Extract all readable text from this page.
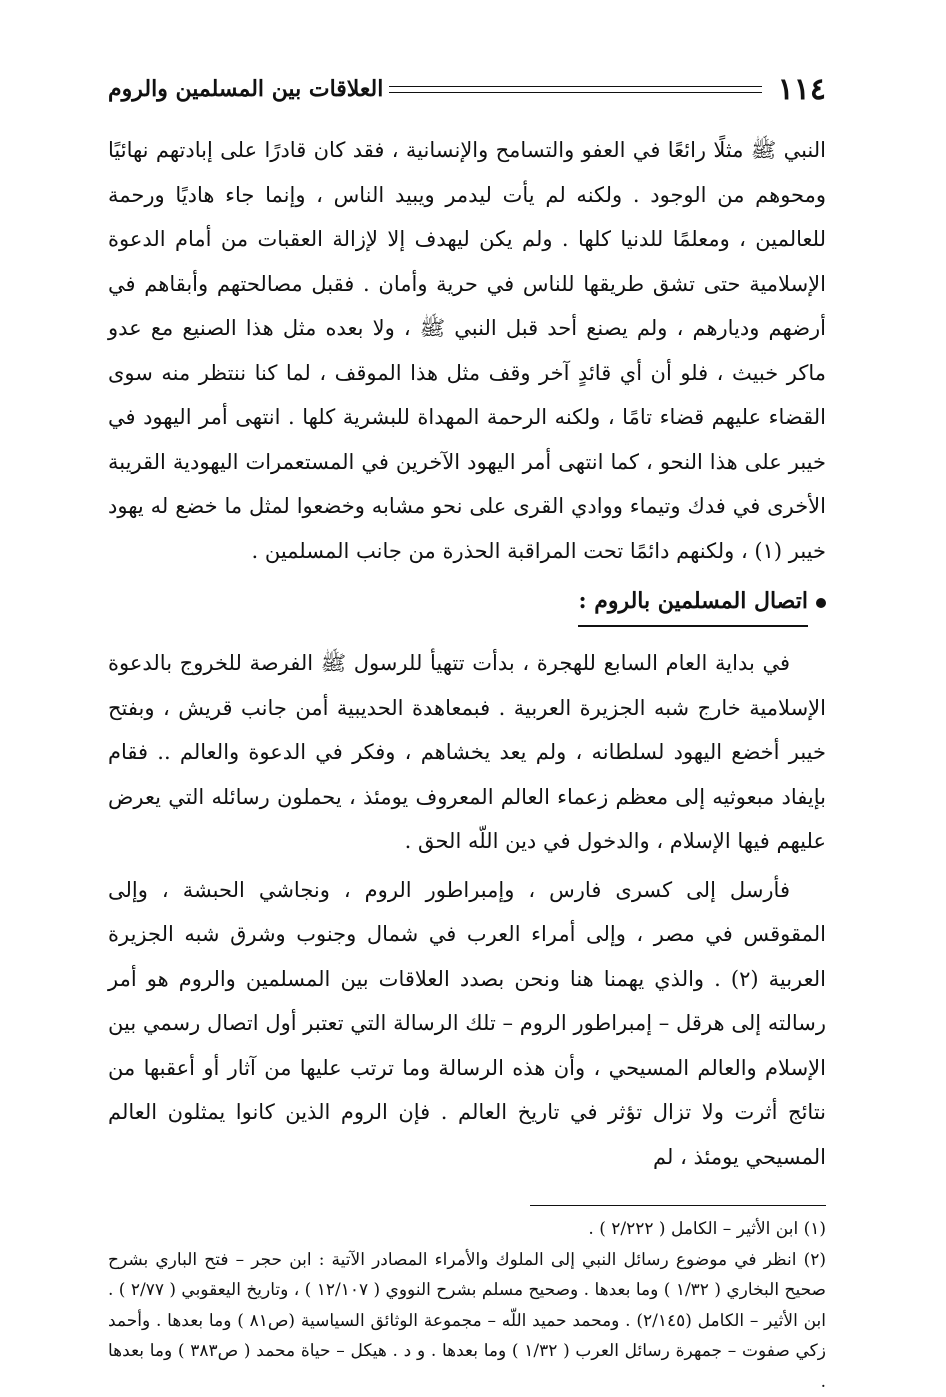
١١٤
العلاقات بين المسلمين والروم

النبي ﷺ مثلًا رائعًا في العفو والتسامح والإنسانية ، فقد كان قادرًا على إبادتهم نهائيًا ومحوهم من الوجود . ولكنه لم يأت ليدمر ويبيد الناس ، وإنما جاء هاديًا ورحمة للعالمين ، ومعلمًا للدنيا كلها . ولم يكن ليهدف إلا لإزالة العقبات من أمام الدعوة الإسلامية حتى تشق طريقها للناس في حرية وأمان . فقبل مصالحتهم وأبقاهم في أرضهم وديارهم ، ولم يصنع أحد قبل النبي ﷺ ، ولا بعده مثل هذا الصنيع مع عدو ماكر خبيث ، فلو أن أي قائدٍ آخر وقف مثل هذا الموقف ، لما كنا ننتظر منه سوى القضاء عليهم قضاء تامًا ، ولكنه الرحمة المهداة للبشرية كلها . انتهى أمر اليهود في خيبر على هذا النحو ، كما انتهى أمر اليهود الآخرين في المستعمرات اليهودية القريبة الأخرى في فدك وتيماء ووادي القرى على نحو مشابه وخضعوا لمثل ما خضع له يهود خيبر (١) ، ولكنهم دائمًا تحت المراقبة الحذرة من جانب المسلمين .

اتصال المسلمين بالروم :

في بداية العام السابع للهجرة ، بدأت تتهيأ للرسول ﷺ الفرصة للخروج بالدعوة الإسلامية خارج شبه الجزيرة العربية . فبمعاهدة الحديبية أمن جانب قريش ، وبفتح خيبر أخضع اليهود لسلطانه ، ولم يعد يخشاهم ، وفكر في الدعوة والعالم .. فقام بإيفاد مبعوثيه إلى معظم زعماء العالم المعروف يومئذ ، يحملون رسائله التي يعرض عليهم فيها الإسلام ، والدخول في دين اللّه الحق .

فأرسل إلى كسرى فارس ، وإمبراطور الروم ، ونجاشي الحبشة ، وإلى المقوقس في مصر ، وإلى أمراء العرب في شمال وجنوب وشرق شبه الجزيرة العربية (٢) . والذي يهمنا هنا ونحن بصدد العلاقات بين المسلمين والروم هو أمر رسالته إلى هرقل – إمبراطور الروم – تلك الرسالة التي تعتبر أول اتصال رسمي بين الإسلام والعالم المسيحي ، وأن هذه الرسالة وما ترتب عليها من آثار أو أعقبها من نتائج أثرت ولا تزال تؤثر في تاريخ العالم . فإن الروم الذين كانوا يمثلون العالم المسيحي يومئذ ، لم

(١) ابن الأثير – الكامل ( ٢/٢٢٢ ) .

(٢) انظر في موضوع رسائل النبي إلى الملوك والأمراء المصادر الآتية : ابن حجر – فتح الباري بشرح صحيح البخاري ( ١/٣٢ ) وما بعدها . وصحيح مسلم بشرح النووي ( ١٢/١٠٧ ) ، وتاريخ اليعقوبي ( ٢/٧٧ ) . ابن الأثير – الكامل (٢/١٤٥) . ومحمد حميد اللّه – مجموعة الوثائق السياسية (ص٨١ ) وما بعدها . وأحمد زكي صفوت – جمهرة رسائل العرب ( ١/٣٢ ) وما بعدها . و د . هيكل – حياة محمد ( ص٣٨٣ ) وما بعدها .
